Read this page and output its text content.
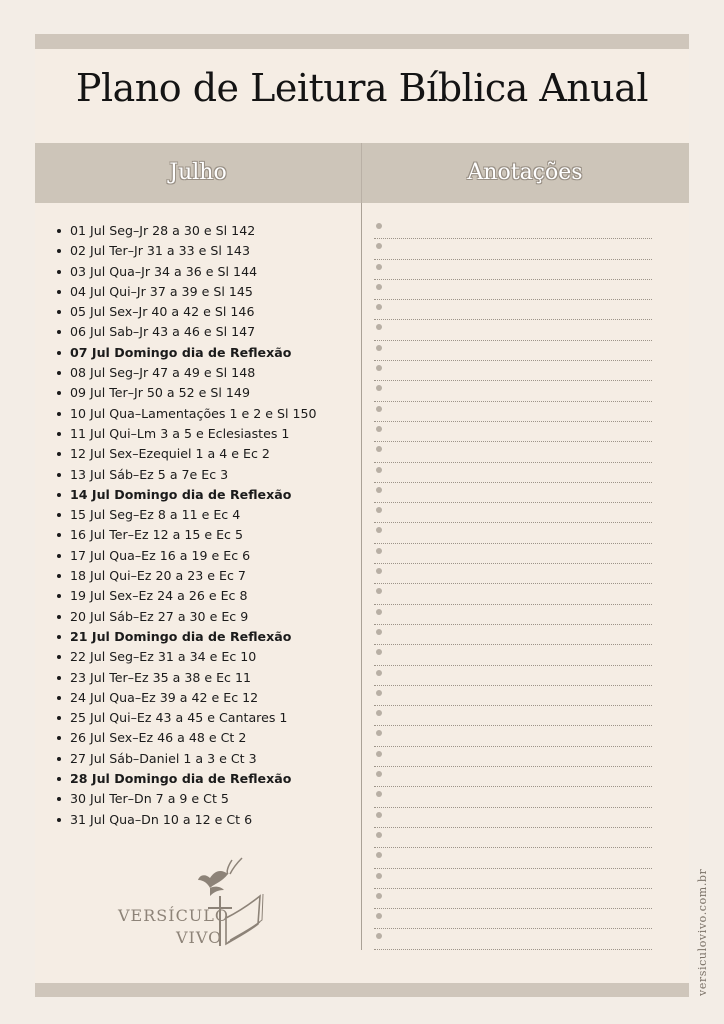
Plano de Leitura Bíblica Anual
Julho	Anotações
01 Jul Seg–Jr 28 a 30 e Sl 142
02 Jul Ter–Jr 31 a 33 e Sl 143
03 Jul Qua–Jr 34 a 36 e Sl 144
04 Jul Qui–Jr 37 a 39 e Sl 145
05 Jul Sex–Jr 40 a 42 e Sl 146
06 Jul Sab–Jr 43 a 46 e Sl 147
07 Jul Domingo dia de Reflexão
08 Jul Seg–Jr 47 a 49 e Sl 148
09 Jul Ter–Jr 50 a 52 e Sl 149
10 Jul Qua–Lamentações 1 e 2 e Sl 150
11 Jul Qui–Lm 3 a 5 e Eclesiastes 1
12 Jul Sex–Ezequiel 1 a 4 e Ec 2
13 Jul Sáb–Ez 5 a 7e Ec 3
14 Jul Domingo dia de Reflexão
15 Jul Seg–Ez 8 a 11 e Ec 4
16 Jul Ter–Ez 12 a 15 e Ec 5
17 Jul Qua–Ez 16 a 19 e Ec 6
18 Jul Qui–Ez 20 a 23 e Ec 7
19 Jul Sex–Ez 24 a 26 e Ec 8
20 Jul Sáb–Ez 27 a 30 e Ec 9
21 Jul Domingo dia de Reflexão
22 Jul Seg–Ez 31 a 34 e Ec 10
23 Jul Ter–Ez 35 a 38 e Ec 11
24 Jul Qua–Ez 39 a 42 e Ec 12
25 Jul Qui–Ez 43 a 45 e Cantares 1
26 Jul Sex–Ez 46 a 48 e Ct 2
27 Jul Sáb–Daniel 1 a 3 e Ct 3
28 Jul Domingo dia de Reflexão
30 Jul Ter–Dn 7 a 9 e Ct 5
31 Jul Qua–Dn 10 a 12 e Ct 6
VERSÍCULO
VIVO	versiculovivo.com.br
